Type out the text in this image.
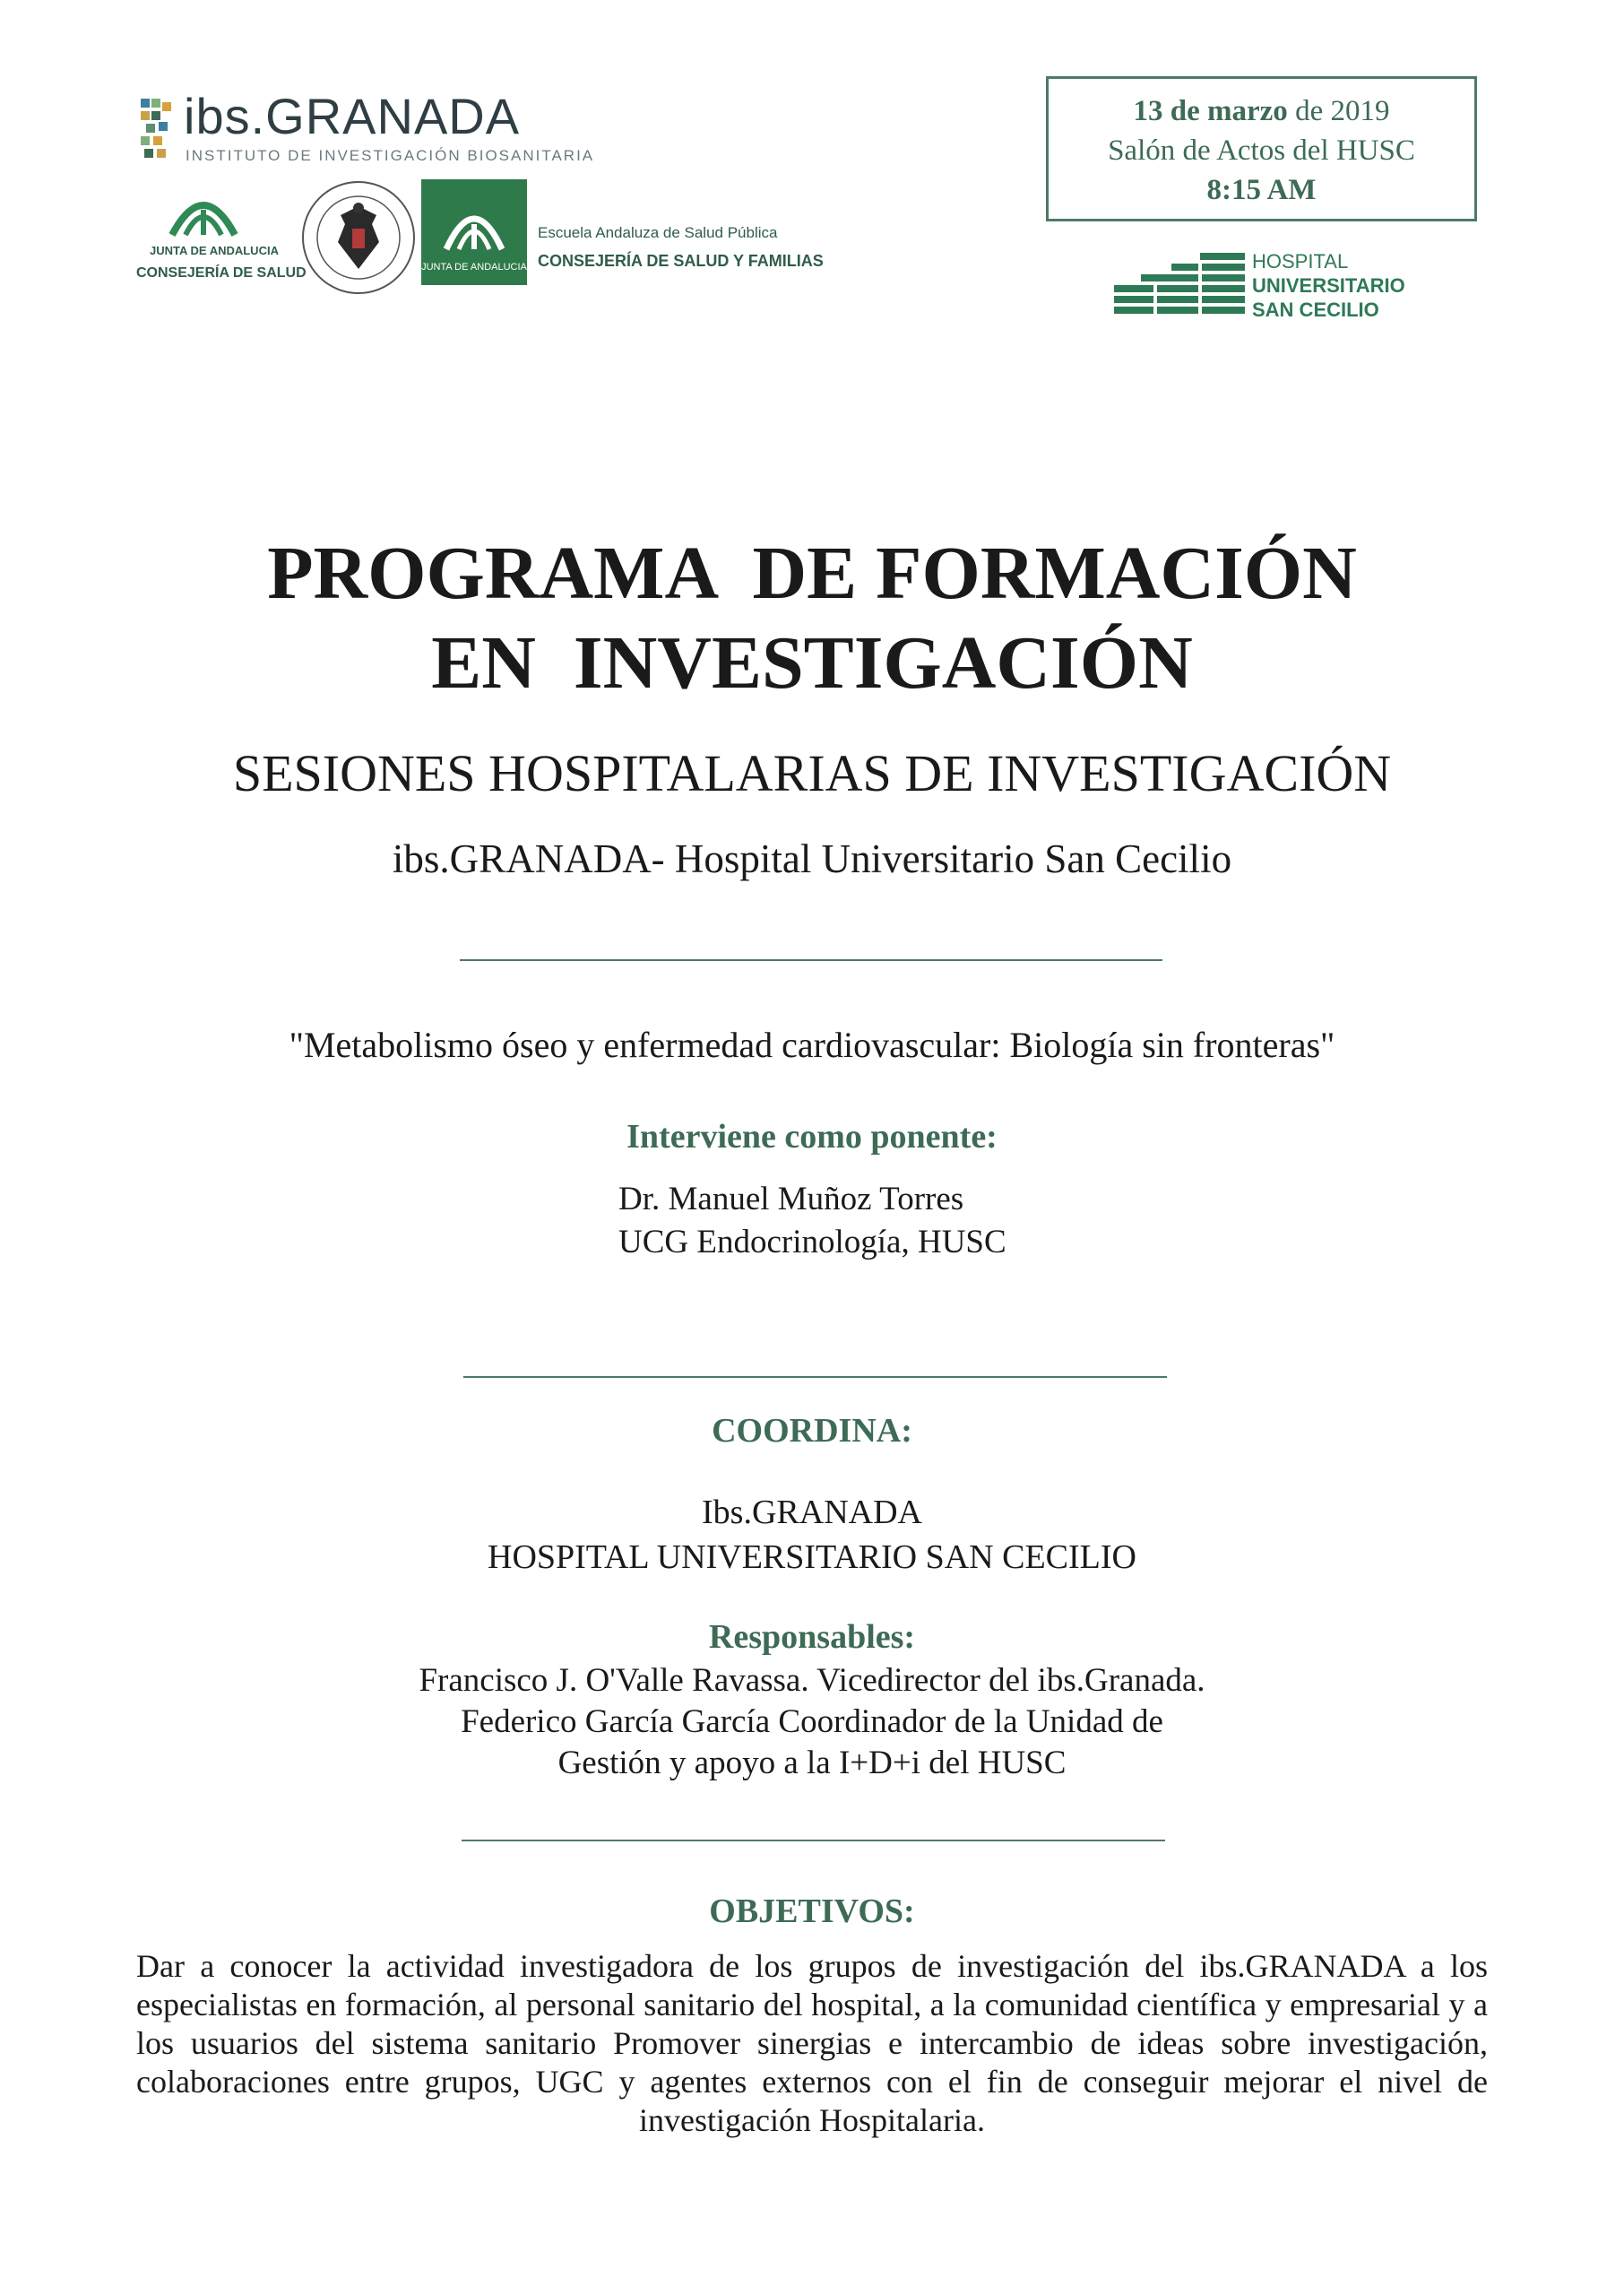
ibs.GRANADA
INSTITUTO DE INVESTIGACIÓN BIOSANITARIA
JUNTA DE ANDALUCIA
CONSEJERÍA DE SALUD	JUNTA DE ANDALUCIA
Escuela Andaluza de Salud Pública
CONSEJERÍA DE SALUD Y FAMILIAS
13 de marzo de 2019
Salón de Actos del HUSC
8:15 AM
HOSPITAL
UNIVERSITARIO
SAN CECILIO
PROGRAMA  DE FORMACIÓN
EN  INVESTIGACIÓN
SESIONES HOSPITALARIAS DE INVESTIGACIÓN
ibs.GRANADA- Hospital Universitario San Cecilio
"Metabolismo óseo y enfermedad cardiovascular: Biología sin fronteras"
Interviene como ponente:
Dr. Manuel Muñoz Torres
UCG Endocrinología, HUSC
COORDINA:
Ibs.GRANADA
HOSPITAL UNIVERSITARIO SAN CECILIO
Responsables:
Francisco J. O'Valle Ravassa. Vicedirector del ibs.Granada.
Federico García García Coordinador de la Unidad de
Gestión y apoyo a la I+D+i del HUSC
OBJETIVOS:
Dar a conocer la actividad investigadora de los grupos de investigación del ibs.GRANADA a los especialistas en formación, al personal sanitario del hospital, a la comunidad científica y empresarial y a los usuarios del sistema sanitario Promover sinergias e intercambio de ideas sobre investigación, colaboraciones entre grupos, UGC y agentes externos con el fin de conseguir mejorar el nivel de investigación Hospitalaria.
